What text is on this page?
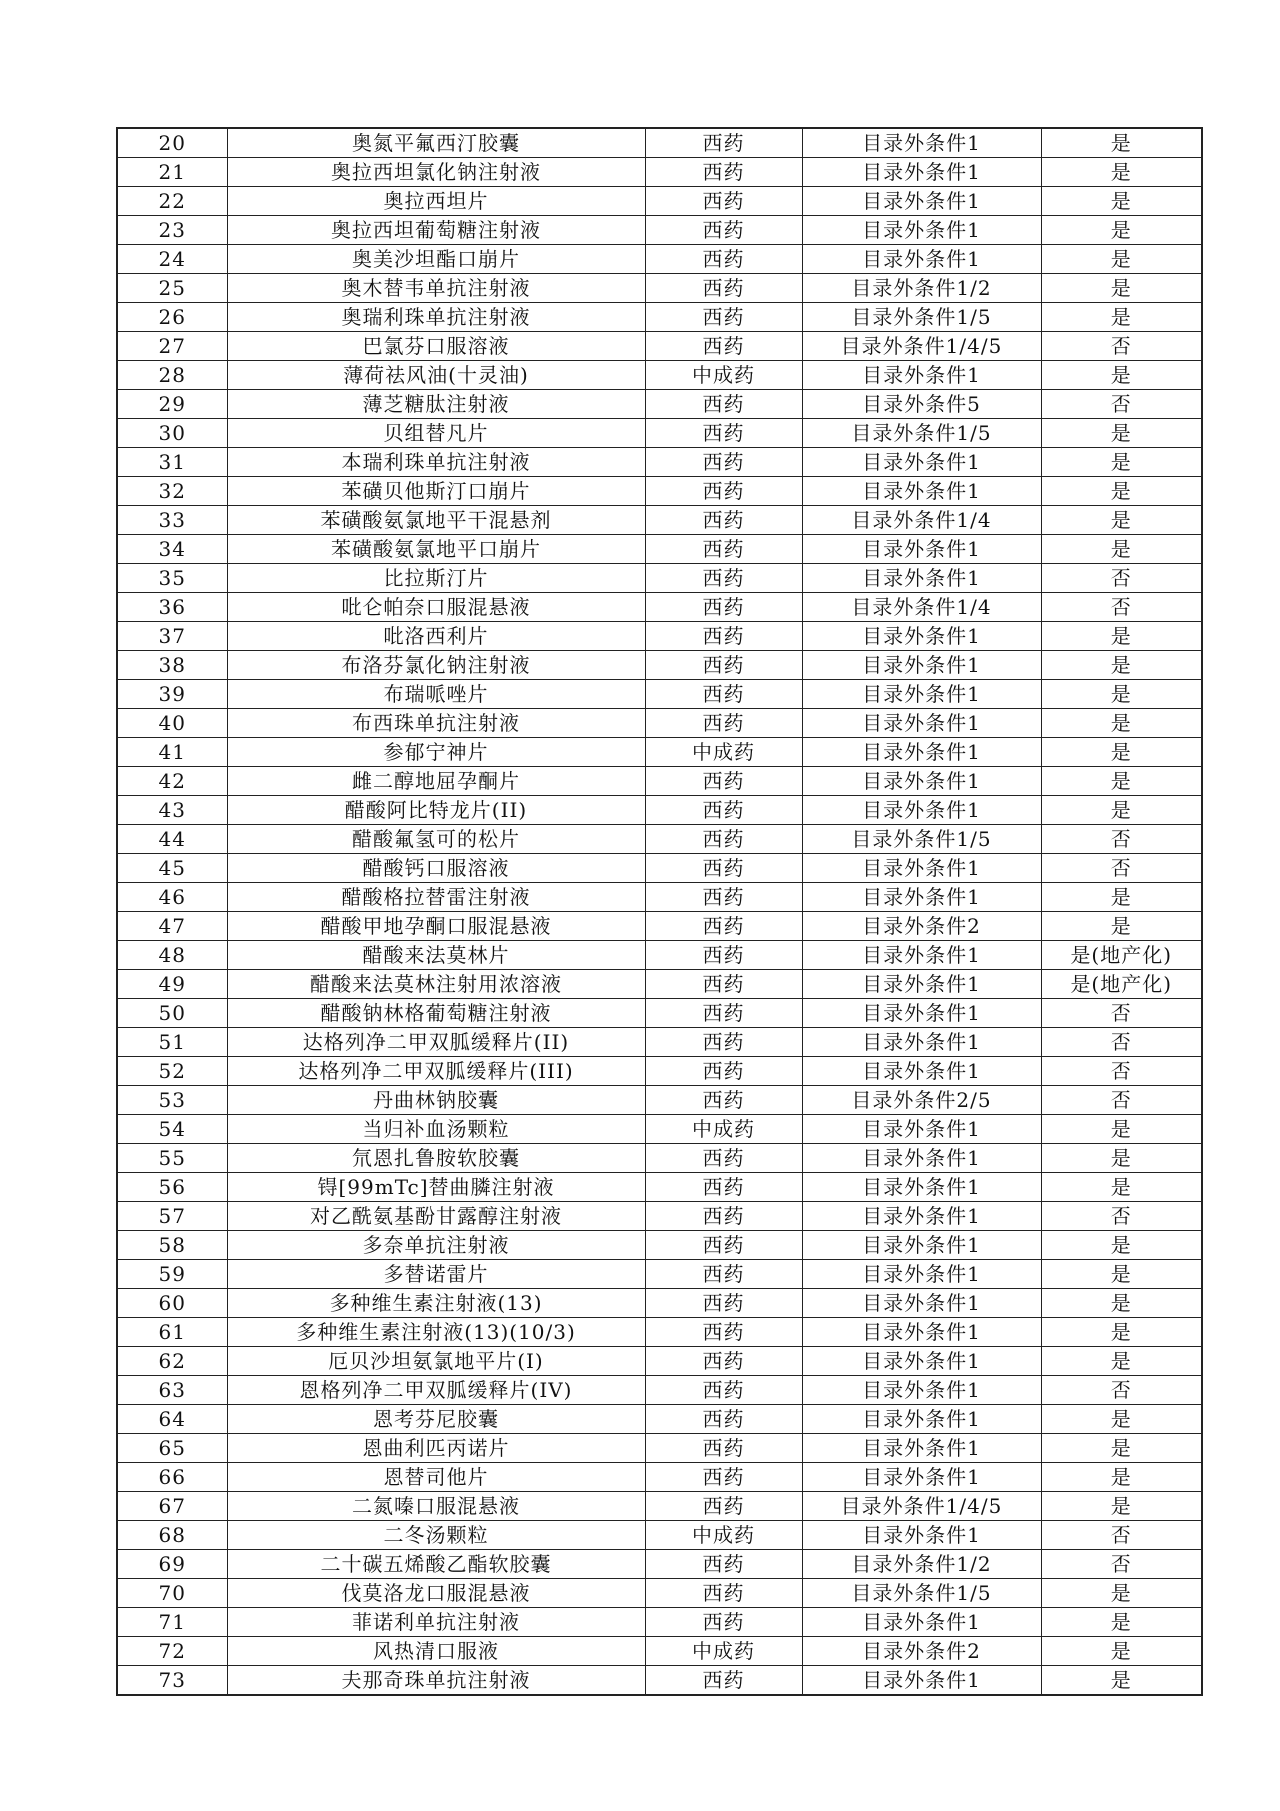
20	奥氮平氟西汀胶囊	西药	目录外条件1	是
21	奥拉西坦氯化钠注射液	西药	目录外条件1	是
22	奥拉西坦片	西药	目录外条件1	是
23	奥拉西坦葡萄糖注射液	西药	目录外条件1	是
24	奥美沙坦酯口崩片	西药	目录外条件1	是
25	奥木替韦单抗注射液	西药	目录外条件1/2	是
26	奥瑞利珠单抗注射液	西药	目录外条件1/5	是
27	巴氯芬口服溶液	西药	目录外条件1/4/5	否
28	薄荷祛风油(十灵油)	中成药	目录外条件1	是
29	薄芝糖肽注射液	西药	目录外条件5	否
30	贝组替凡片	西药	目录外条件1/5	是
31	本瑞利珠单抗注射液	西药	目录外条件1	是
32	苯磺贝他斯汀口崩片	西药	目录外条件1	是
33	苯磺酸氨氯地平干混悬剂	西药	目录外条件1/4	是
34	苯磺酸氨氯地平口崩片	西药	目录外条件1	是
35	比拉斯汀片	西药	目录外条件1	否
36	吡仑帕奈口服混悬液	西药	目录外条件1/4	否
37	吡洛西利片	西药	目录外条件1	是
38	布洛芬氯化钠注射液	西药	目录外条件1	是
39	布瑞哌唑片	西药	目录外条件1	是
40	布西珠单抗注射液	西药	目录外条件1	是
41	参郁宁神片	中成药	目录外条件1	是
42	雌二醇地屈孕酮片	西药	目录外条件1	是
43	醋酸阿比特龙片(II)	西药	目录外条件1	是
44	醋酸氟氢可的松片	西药	目录外条件1/5	否
45	醋酸钙口服溶液	西药	目录外条件1	否
46	醋酸格拉替雷注射液	西药	目录外条件1	是
47	醋酸甲地孕酮口服混悬液	西药	目录外条件2	是
48	醋酸来法莫林片	西药	目录外条件1	是(地产化)
49	醋酸来法莫林注射用浓溶液	西药	目录外条件1	是(地产化)
50	醋酸钠林格葡萄糖注射液	西药	目录外条件1	否
51	达格列净二甲双胍缓释片(II)	西药	目录外条件1	否
52	达格列净二甲双胍缓释片(III)	西药	目录外条件1	否
53	丹曲林钠胶囊	西药	目录外条件2/5	否
54	当归补血汤颗粒	中成药	目录外条件1	是
55	氘恩扎鲁胺软胶囊	西药	目录外条件1	是
56	锝[99mTc]替曲膦注射液	西药	目录外条件1	是
57	对乙酰氨基酚甘露醇注射液	西药	目录外条件1	否
58	多奈单抗注射液	西药	目录外条件1	是
59	多替诺雷片	西药	目录外条件1	是
60	多种维生素注射液(13)	西药	目录外条件1	是
61	多种维生素注射液(13)(10/3)	西药	目录外条件1	是
62	厄贝沙坦氨氯地平片(I)	西药	目录外条件1	是
63	恩格列净二甲双胍缓释片(IV)	西药	目录外条件1	否
64	恩考芬尼胶囊	西药	目录外条件1	是
65	恩曲利匹丙诺片	西药	目录外条件1	是
66	恩替司他片	西药	目录外条件1	是
67	二氮嗪口服混悬液	西药	目录外条件1/4/5	是
68	二冬汤颗粒	中成药	目录外条件1	否
69	二十碳五烯酸乙酯软胶囊	西药	目录外条件1/2	否
70	伐莫洛龙口服混悬液	西药	目录外条件1/5	是
71	菲诺利单抗注射液	西药	目录外条件1	是
72	风热清口服液	中成药	目录外条件2	是
73	夫那奇珠单抗注射液	西药	目录外条件1	是
